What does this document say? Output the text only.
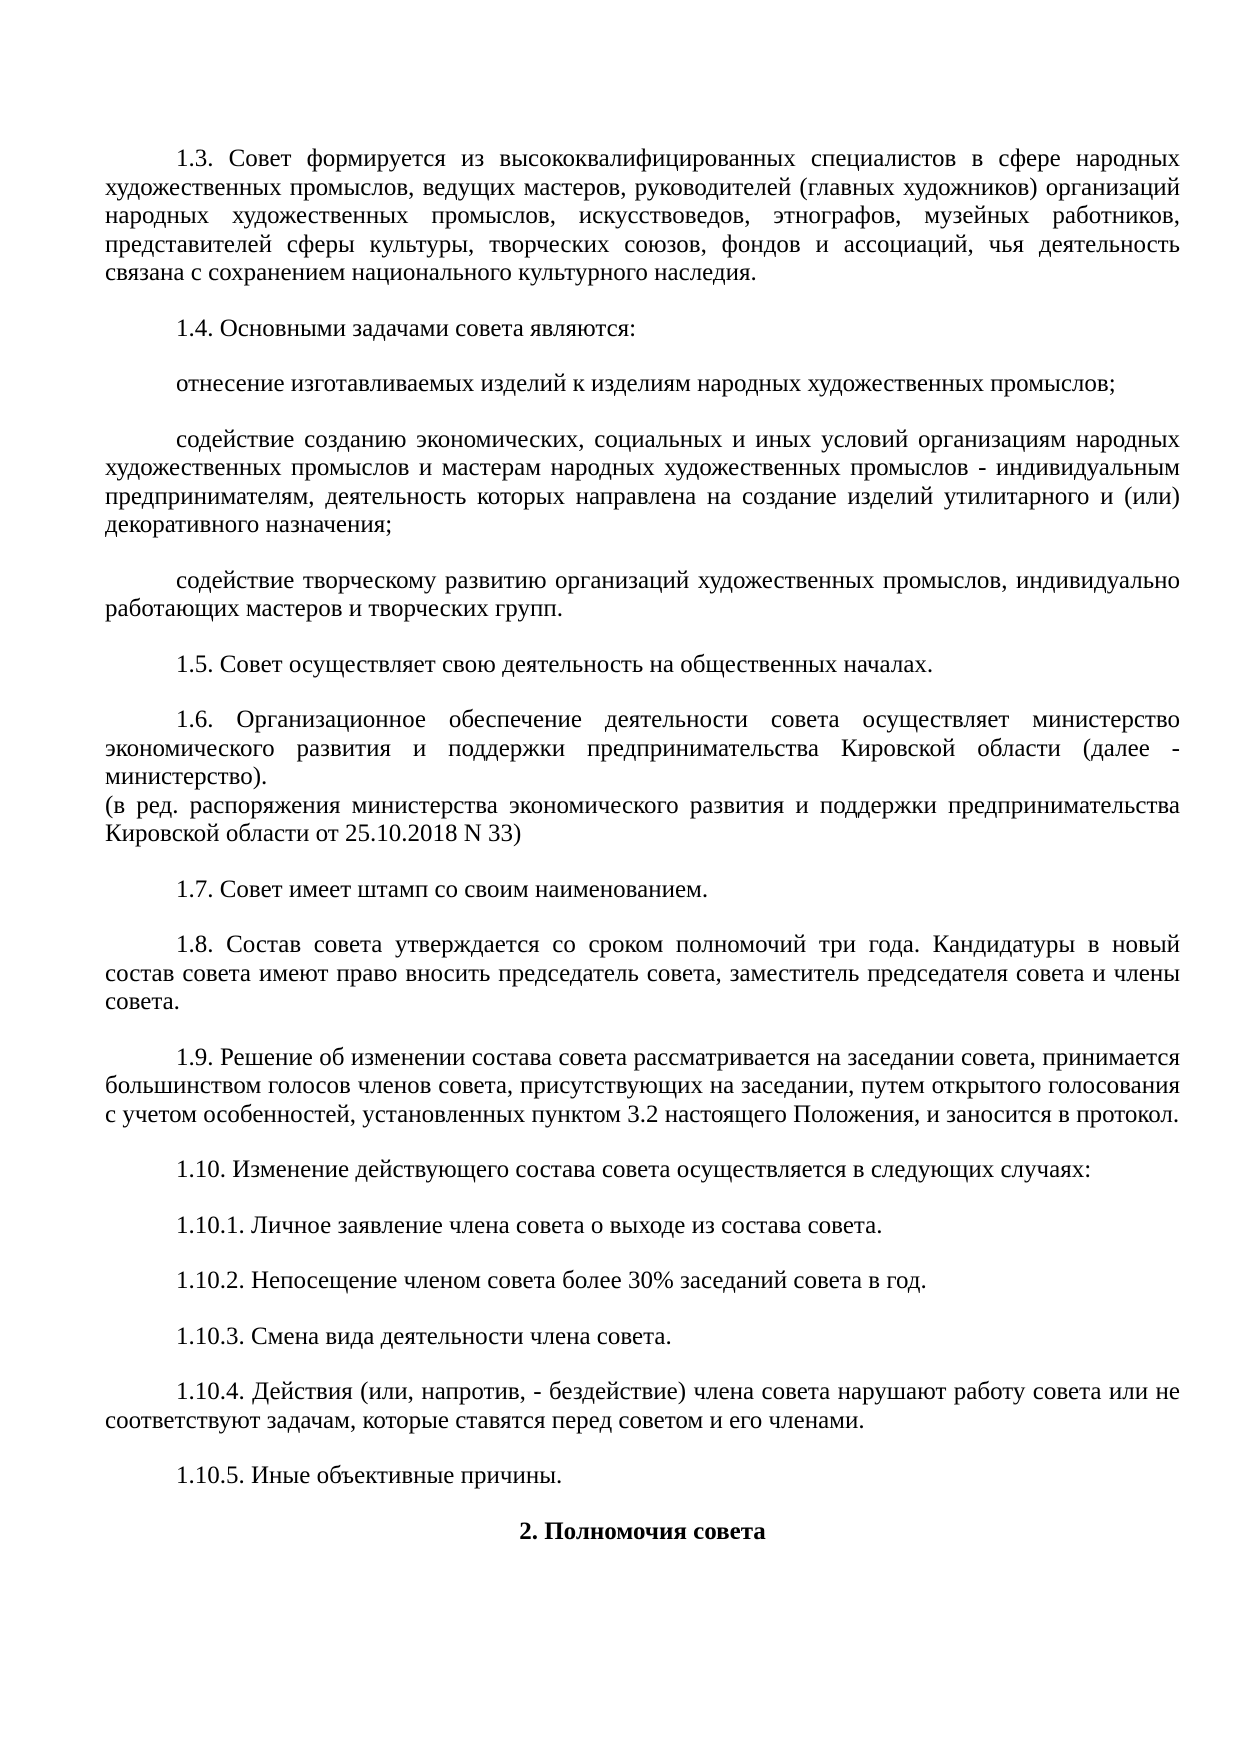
1.3. Совет формируется из высококвалифицированных специалистов в сфере народных художественных промыслов, ведущих мастеров, руководителей (главных художников) организаций народных художественных промыслов, искусствоведов, этнографов, музейных работников, представителей сферы культуры, творческих союзов, фондов и ассоциаций, чья деятельность связана с сохранением национального культурного наследия.

1.4. Основными задачами совета являются:

отнесение изготавливаемых изделий к изделиям народных художественных промыслов;

содействие созданию экономических, социальных и иных условий организациям народных художественных промыслов и мастерам народных художественных промыслов - индивидуальным предпринимателям, деятельность которых направлена на создание изделий утилитарного и (или) декоративного назначения;

содействие творческому развитию организаций художественных промыслов, индивидуально работающих мастеров и творческих групп.

1.5. Совет осуществляет свою деятельность на общественных началах.

1.6. Организационное обеспечение деятельности совета осуществляет министерство экономического развития и поддержки предпринимательства Кировской области (далее - министерство).

(в ред. распоряжения министерства экономического развития и поддержки предпринимательства Кировской области от 25.10.2018 N 33)

1.7. Совет имеет штамп со своим наименованием.

1.8. Состав совета утверждается со сроком полномочий три года. Кандидатуры в новый состав совета имеют право вносить председатель совета, заместитель председателя совета и члены совета.

1.9. Решение об изменении состава совета рассматривается на заседании совета, принимается большинством голосов членов совета, присутствующих на заседании, путем открытого голосования с учетом особенностей, установленных пунктом 3.2 настоящего Положения, и заносится в протокол.

1.10. Изменение действующего состава совета осуществляется в следующих случаях:

1.10.1. Личное заявление члена совета о выходе из состава совета.

1.10.2. Непосещение членом совета более 30% заседаний совета в год.

1.10.3. Смена вида деятельности члена совета.

1.10.4. Действия (или, напротив, - бездействие) члена совета нарушают работу совета или не соответствуют задачам, которые ставятся перед советом и его членами.

1.10.5. Иные объективные причины.

2. Полномочия совета
